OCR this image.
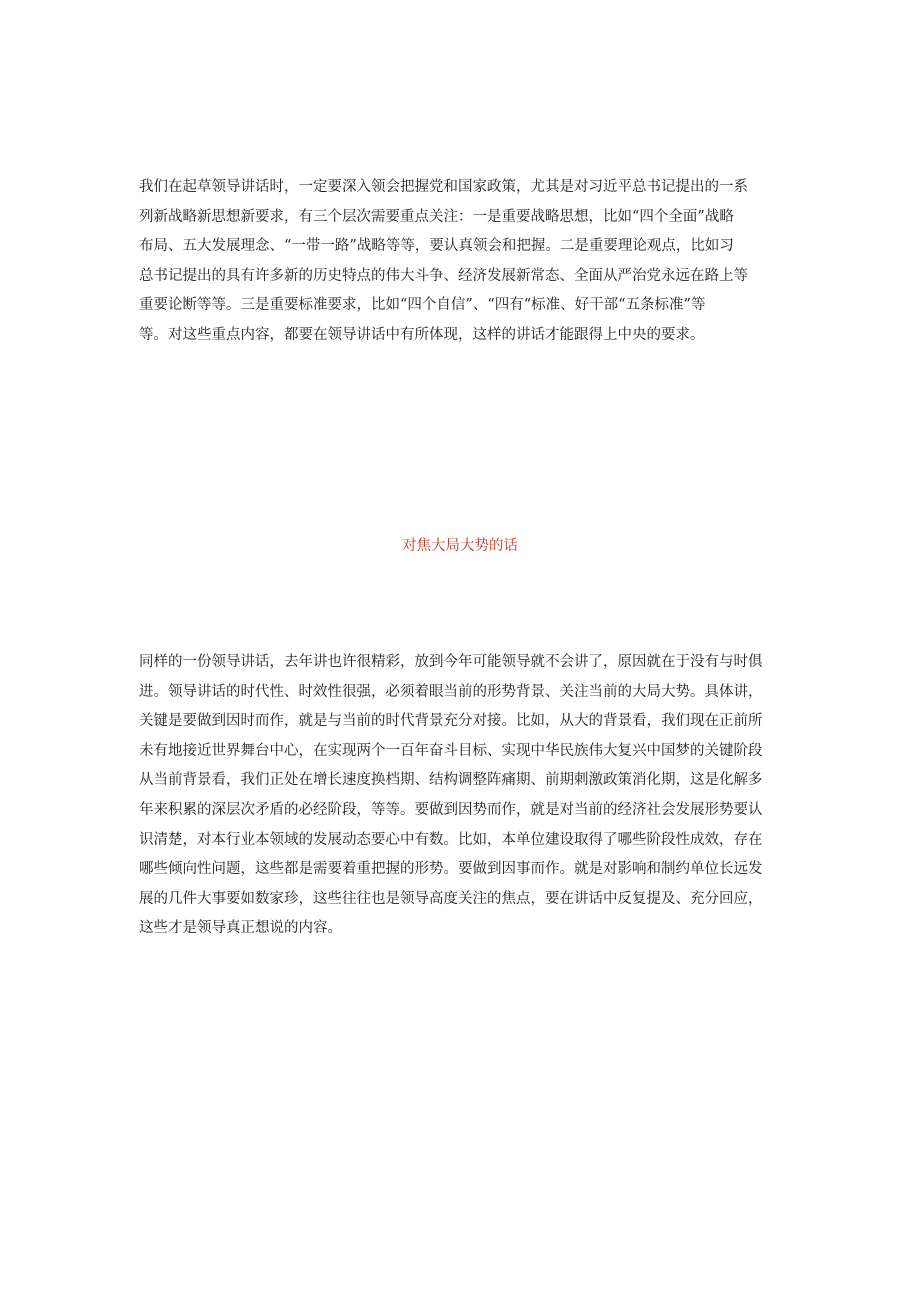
我们在起草领导讲话时，一定要深入领会把握党和国家政策，尤其是对习近平总书记提出的一系
列新战略新思想新要求，有三个层次需要重点关注：一是重要战略思想，比如“四个全面”战略
布局、五大发展理念、“一带一路”战略等等，要认真领会和把握。二是重要理论观点，比如习
总书记提出的具有许多新的历史特点的伟大斗争、经济发展新常态、全面从严治党永远在路上等
重要论断等等。三是重要标准要求，比如“四个自信”、“四有“标准、好干部“五条标准”等
等。对这些重点内容，都要在领导讲话中有所体现，这样的讲话才能跟得上中央的要求。
对焦大局大势的话
同样的一份领导讲话，去年讲也许很精彩，放到今年可能领导就不会讲了，原因就在于没有与时俱
进。领导讲话的时代性、时效性很强，必须着眼当前的形势背景、关注当前的大局大势。具体讲，
关键是要做到因时而作，就是与当前的时代背景充分对接。比如，从大的背景看，我们现在正前所
未有地接近世界舞台中心，在实现两个一百年奋斗目标、实现中华民族伟大复兴中国梦的关键阶段
从当前背景看，我们正处在增长速度换档期、结构调整阵痛期、前期刺激政策消化期，这是化解多
年来积累的深层次矛盾的必经阶段，等等。要做到因势而作，就是对当前的经济社会发展形势要认
识清楚，对本行业本领域的发展动态要心中有数。比如，本单位建设取得了哪些阶段性成效，存在
哪些倾向性问题，这些都是需要着重把握的形势。要做到因事而作。就是对影响和制约单位长远发
展的几件大事要如数家珍，这些往往也是领导高度关注的焦点，要在讲话中反复提及、充分回应，
这些才是领导真正想说的内容。
